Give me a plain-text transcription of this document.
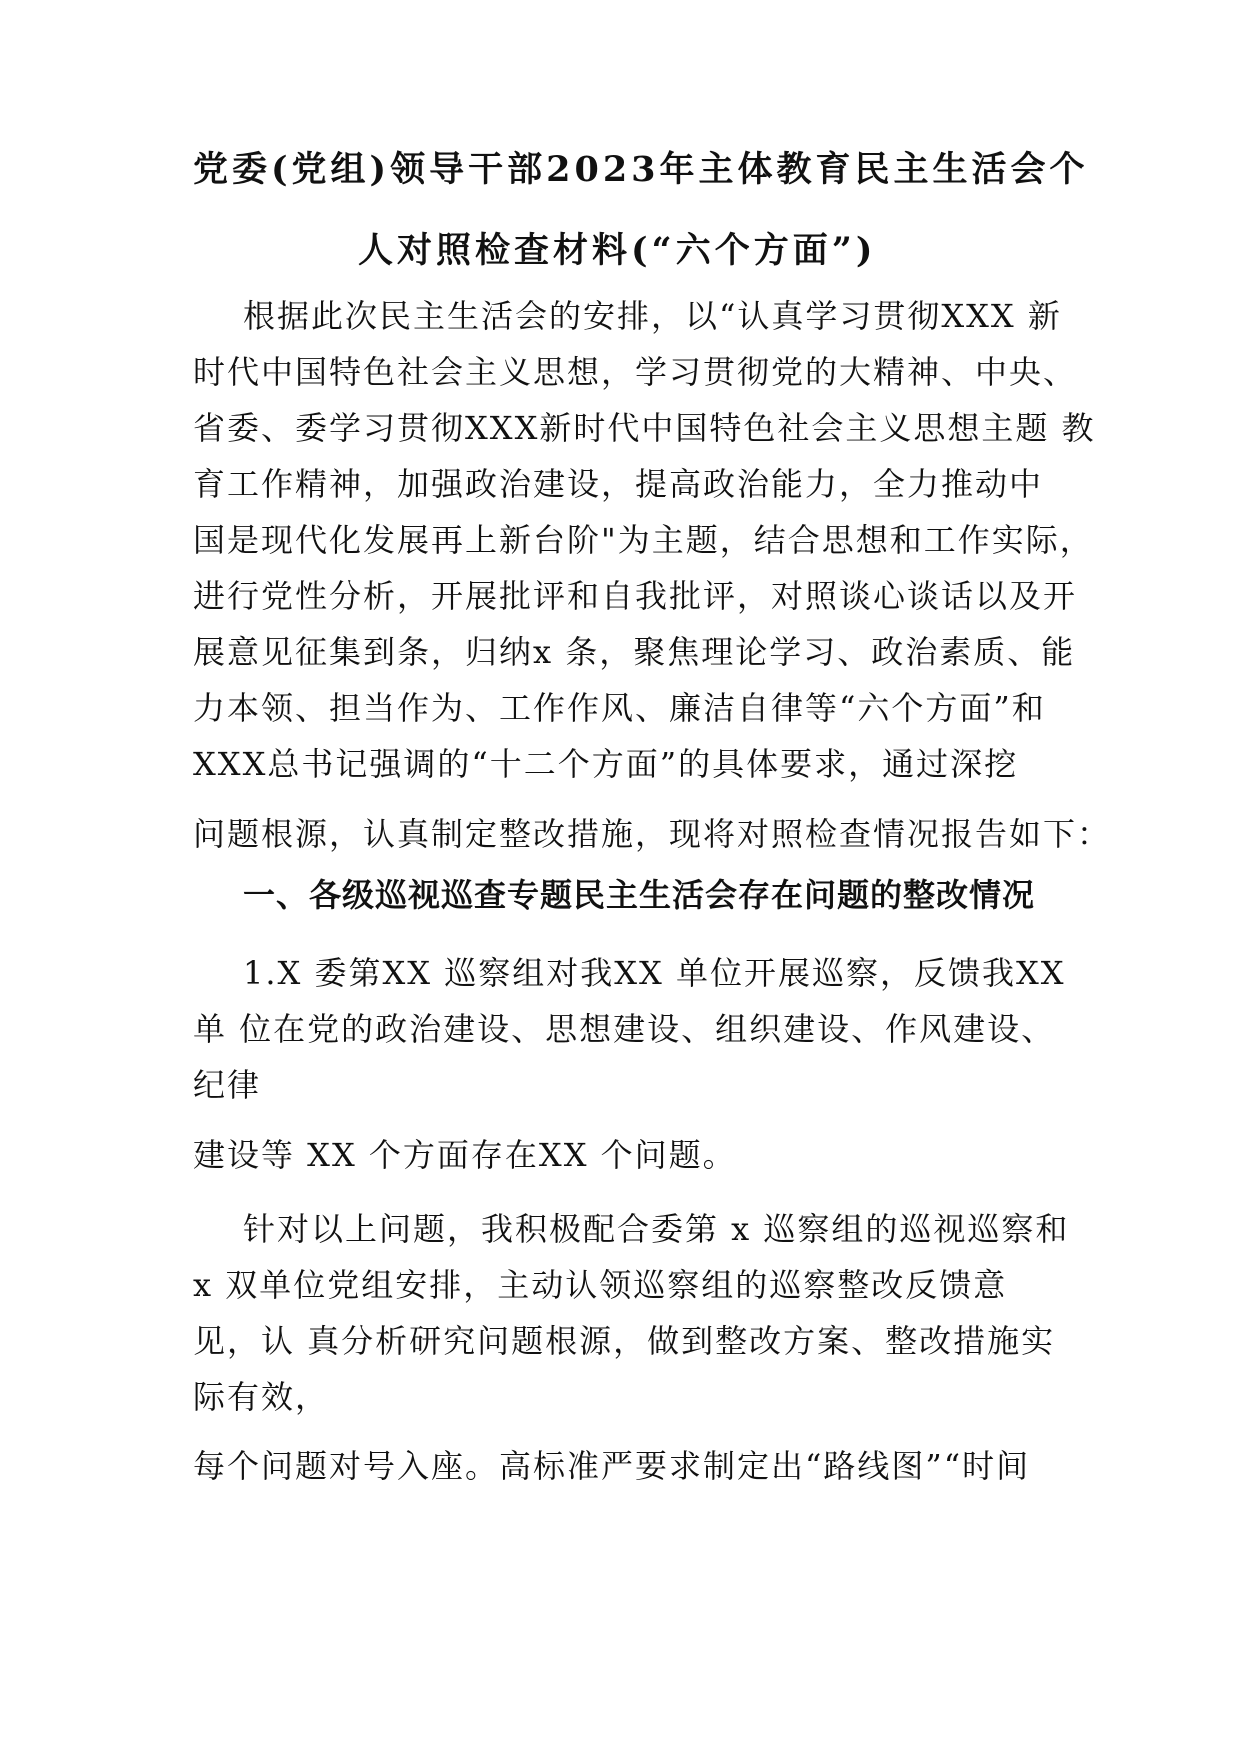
党委(党组)领导干部2023年主体教育民主生活会个
人对照检查材料(“六个方面”)
根据此次民主生活会的安排，以“认真学习贯彻XXX 新
时代中国特色社会主义思想，学习贯彻党的大精神、中央、
省委、委学习贯彻XXX新时代中国特色社会主义思想主题 教
育工作精神，加强政治建设，提高政治能力，全力推动中
国是现代化发展再上新台阶"为主题，结合思想和工作实际，
进行党性分析，开展批评和自我批评，对照谈心谈话以及开
展意见征集到条，归纳x 条，聚焦理论学习、政治素质、能
力本领、担当作为、工作作风、廉洁自律等“六个方面”和
XXX总书记强调的“十二个方面”的具体要求，通过深挖
问题根源，认真制定整改措施，现将对照检查情况报告如下：
一、各级巡视巡查专题民主生活会存在问题的整改情况
1.X 委第XX 巡察组对我XX 单位开展巡察，反馈我XX
单 位在党的政治建设、思想建设、组织建设、作风建设、
纪律
建设等 XX 个方面存在XX 个问题。
针对以上问题，我积极配合委第 x 巡察组的巡视巡察和
x 双单位党组安排，主动认领巡察组的巡察整改反馈意
见，认 真分析研究问题根源，做到整改方案、整改措施实
际有效，
每个问题对号入座。高标准严要求制定出“路线图”“时间
